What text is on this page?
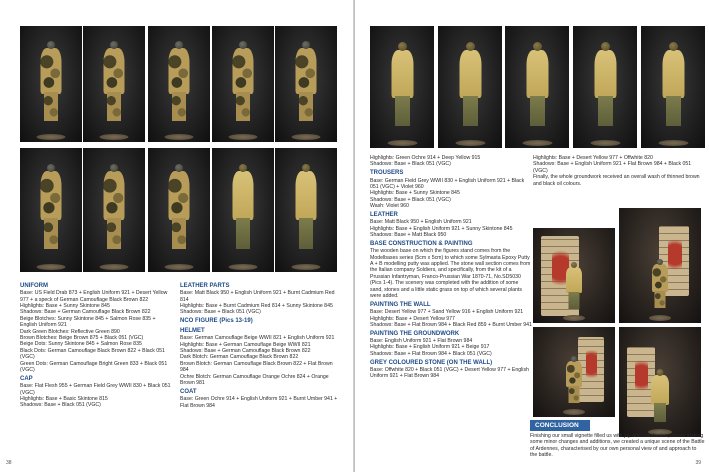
UNIFORM

Base: US Field Drab 873 + English Uniform 921 + Desert Yellow 977 + a speck of German Camouflage Black Brown 822

Highlights: Base + Sunny Skintone 845

Shadows: Base + German Camouflage Black Brown 822

Beige Blotches: Sunny Skintone 845 + Salmon Rose 835 + English Uniform 921

Dark Green Blotches: Reflective Green 890

Brown Blotches: Beige Brown 875 + Black 051 (VGC)

Beige Dots: Sunny Skintone 845 + Salmon Rose 835

Black Dots: German Camouflage Black Brown 822 + Black 051 (VGC)

Green Dots: German Camouflage Bright Green 833 + Black 051 (VGC)

CAP

Base: Flat Flesh 955 + German Field Grey WWII 830 + Black 051 (VGC)

Highlights: Base + Basic Skintone 815

Shadows: Base + Black 051 (VGC)

LEATHER PARTS

Base: Matt Black 950 + English Uniform 921 + Burnt Cadmium Red 814

Highlights: Base + Burnt Cadmium Red 814 + Sunny Skintone 845

Shadows: Base + Black 051 (VGC)

NCO FIGURE (Pics 13-19)
HELMET

Base: German Camouflage Beige WWII 821 + English Uniform 921

Highlights: Base + German Camouflage Beige WWII 821

Shadows: Base + German Camouflage Black Brown 822

Dark Blotch: German Camouflage Black Brown 822

Brown Blotch: German Camouflage Black Brown 822 + Flat Brown 984

Ochre Blotch: German Camouflage Orange Ochre 824 + Orange Brown 981

COAT

Base: Green Ochre 914 + English Uniform 921 + Burnt Umber 941 + Flat Brown 984

38

Highlights: Green Ochre 914 + Deep Yellow 915

Shadows: Base + Black 051 (VGC)

TROUSERS

Base: German Field Grey WWII 830 + English Uniform 921 + Black 051 (VGC) + Violet 960

Highlights: Base + Sunny Skintone 845

Shadows: Base + Black 051 (VGC)

Wash: Violet 960

LEATHER

Base: Matt Black 950 + English Uniform 921

Highlights: Base + English Uniform 921 + Sunny Skintone 845

Shadows: Base + Matt Black 950

BASE CONSTRUCTION & PAINTING

The wooden base on which the figures stand comes from the Modelbases series (5cm x 5cm) to which some Sylmasta Epoxy Putty A + B modelling putty was applied. The stone wall section comes from the Italian company Soldiers, and specifically, from the kit of a Prussian Infantryman, Franco-Prussian War 1870-71, No.SD5030 (Pics 1-4). The scenery was completed with the addition of some sand, stones and a little static grass on top of which several plants were added.

PAINTING THE WALL

Base: Desert Yellow 977 + Sand Yellow 916 + English Uniform 921

Highlights: Base + Desert Yellow 977

Shadows: Base + Flat Brown 984 + Black Red 859 + Burnt Umber 941

PAINTING THE GROUNDWORK

Base: English Uniform 921 + Flat Brown 984

Highlights: Base + English Uniform 921 + Beige 917

Shadows: Base + Flat Brown 984 + Black 051 (VGC)

GREY COLOURED STONE (ON THE WALL)

Base: Offwhite 820 + Black 051 (VGC) + Desert Yellow 977 + English Uniform 921 + Flat Brown 984

Highlights: Base + Desert Yellow 977 + Offwhite 820

Shadows: Base + English Uniform 921 + Flat Brown 984 + Black 051 (VGC)

Finally, the whole groundwork received an overall wash of thinned brown and black oil colours.

CONCLUSION
Finishing our small vignette filled us with joy and satisfaction, where making some minor changes and additions, we created a unique scene of the Battle of Ardennes, characterised by our own personal view of and approach to the battle.
39
